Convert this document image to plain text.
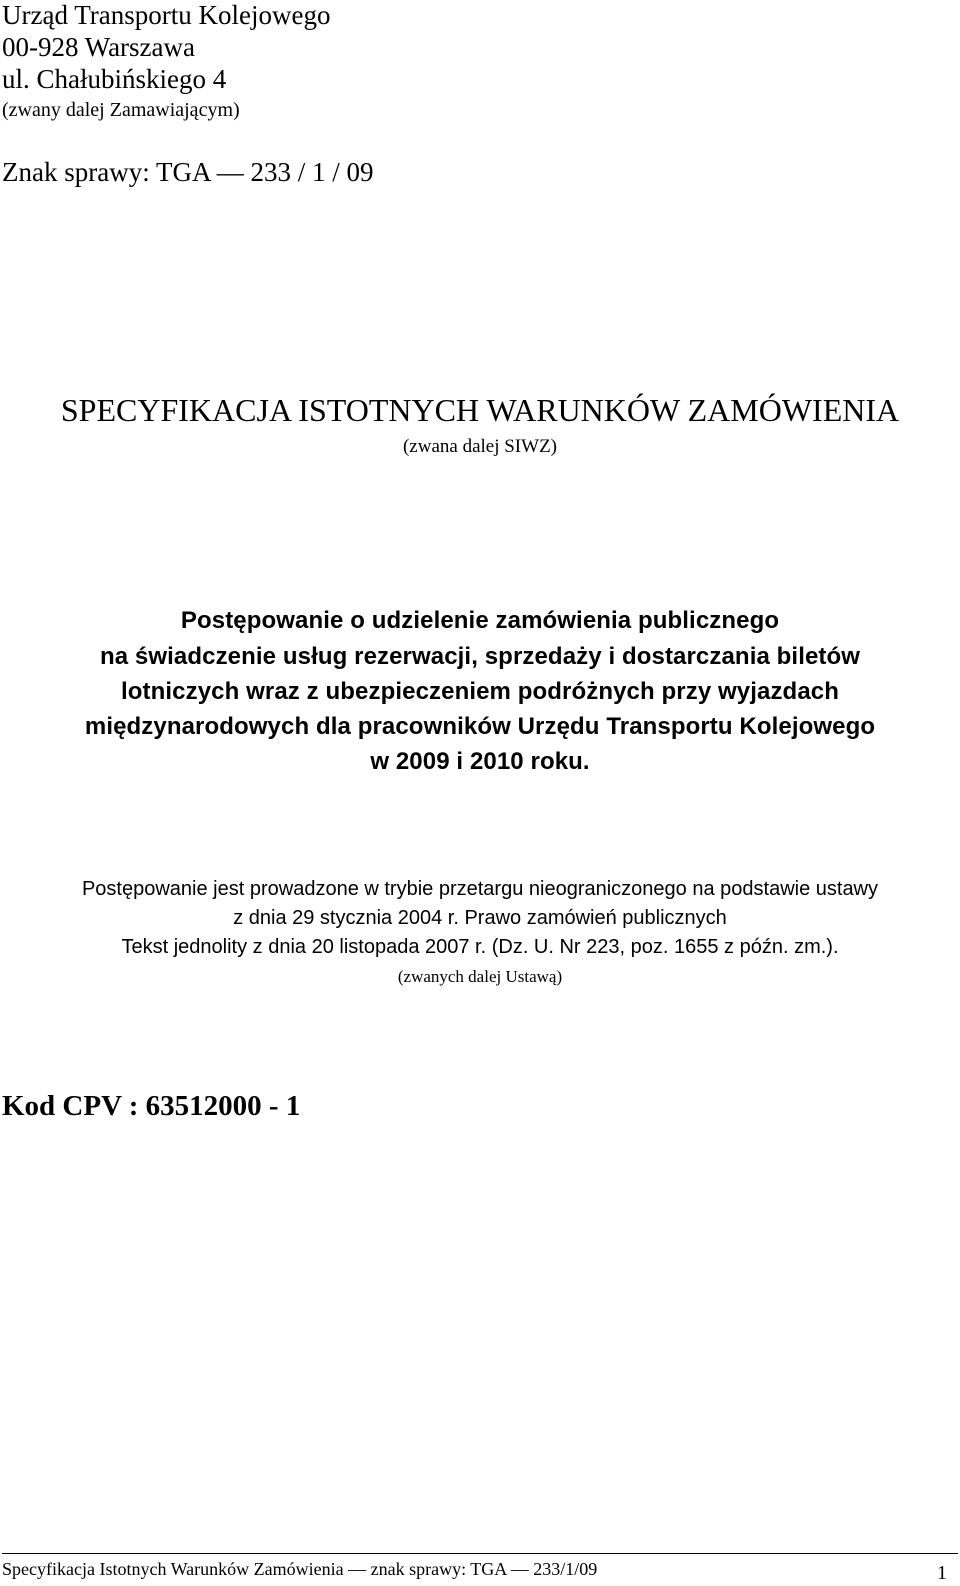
Urząd Transportu Kolejowego

00-928 Warszawa

ul. Chałubińskiego 4

(zwany dalej Zamawiającym)

Znak sprawy: TGA — 233 / 1 / 09

SPECYFIKACJA ISTOTNYCH WARUNKÓW ZAMÓWIENIA

(zwana dalej SIWZ)

Postępowanie o udzielenie zamówienia publicznego

na świadczenie usług rezerwacji, sprzedaży i dostarczania biletów

lotniczych wraz z ubezpieczeniem podróżnych przy wyjazdach

międzynarodowych dla pracowników Urzędu Transportu Kolejowego

w 2009 i 2010 roku.

Postępowanie jest prowadzone w trybie przetargu nieograniczonego na podstawie ustawy

z dnia 29 stycznia 2004 r. Prawo zamówień publicznych

Tekst jednolity z dnia 20 listopada 2007 r. (Dz. U. Nr 223, poz. 1655 z późn. zm.).

(zwanych dalej Ustawą)

Kod CPV : 63512000 - 1

Specyfikacja Istotnych Warunków Zamówienia — znak sprawy: TGA — 233/1/09	1
